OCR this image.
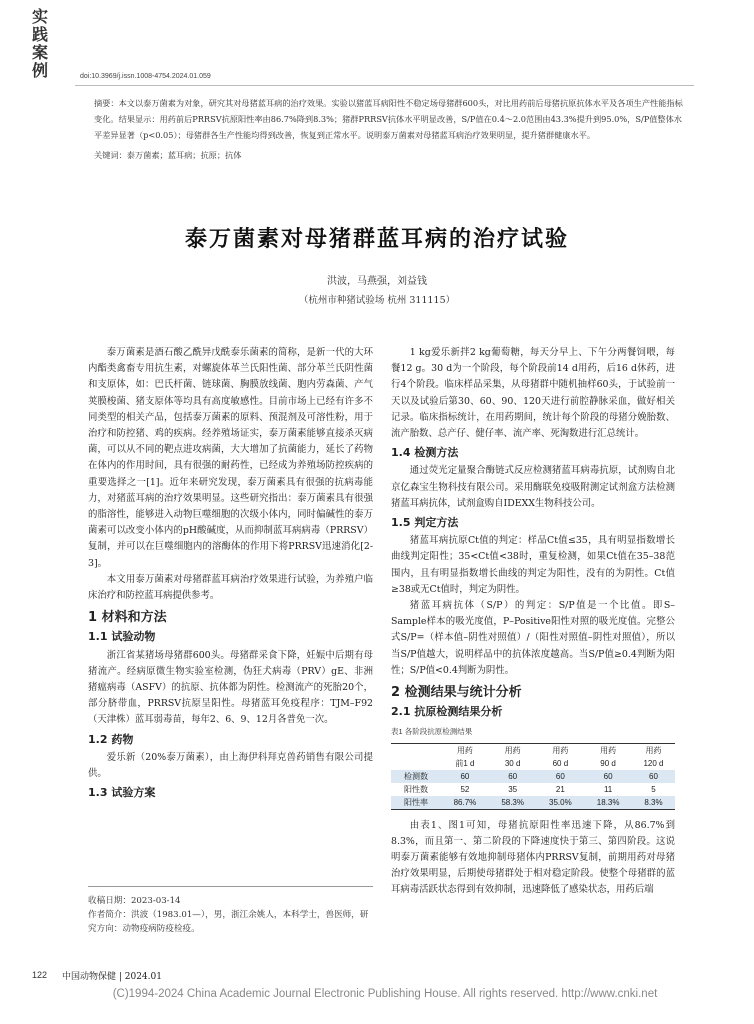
实践案例	doi:10.3969/j.issn.1008-4754.2024.01.059
摘要：本文以泰万菌素为对象，研究其对母猪蓝耳病的治疗效果。实验以猪蓝耳病阳性不稳定场母猪群600头，对比用药前后母猪抗原抗体水平及各项生产性能指标变化。结果显示：用药前后PRRSV抗原阳性率由86.7%降到8.3%；猪群PRRSV抗体水平明显改善，S/P值在0.4～2.0范围由43.3%提升到95.0%，S/P值整体水平差异显著（p<0.05）；母猪群各生产性能均得到改善，恢复到正常水平。说明泰万菌素对母猪蓝耳病治疗效果明显，提升猪群健康水平。
关键词：泰万菌素；蓝耳病；抗原；抗体
泰万菌素对母猪群蓝耳病的治疗试验
洪波，马燕强，刘益钱
（杭州市种猪试验场 杭州 311115）

泰万菌素是酒石酸乙酰异戊酰泰乐菌素的简称，是新一代的大环内酯类禽畜专用抗生素，对螺旋体革兰氏阳性菌、部分革兰氏阴性菌和支原体，如：巴氏杆菌、链球菌、胸膜放线菌、胞内劳森菌、产气荚膜梭菌、猪支原体等均具有高度敏感性。目前市场上已经有许多不同类型的相关产品，包括泰万菌素的原料、预混剂及可溶性粉，用于治疗和防控猪、鸡的疾病。经养殖场证实，泰万菌素能够直接杀灭病菌，可以从不同的靶点进攻病菌，大大增加了抗菌能力，延长了药物在体内的作用时间，具有很强的耐药性，已经成为养殖场防控疾病的重要选择之一[1]。近年来研究发现，泰万菌素具有很强的抗病毒能力，对猪蓝耳病的治疗效果明显。这些研究指出：泰万菌素具有很强的脂溶性，能够进入动物巨噬细胞的次级小体内，同时偏碱性的泰万菌素可以改变小体内的pH酸碱度，从而抑制蓝耳病病毒（PRRSV）复制，并可以在巨噬细胞内的溶酶体的作用下将PRRSV迅速消化[2-3]。

本文用泰万菌素对母猪群蓝耳病治疗效果进行试验，为养殖户临床治疗和防控蓝耳病提供参考。

1 材料和方法

1.1 试验动物

浙江省某猪场母猪群600头。母猪群采食下降，妊娠中后期有母猪流产。经病原微生物实验室检测，伪狂犬病毒（PRV）gE、非洲猪瘟病毒（ASFV）的抗原、抗体都为阴性。检测流产的死胎20个，部分脐带血，PRRSV抗原呈阳性。母猪蓝耳免疫程序：TJM–F92（天津株）蓝耳弱毒苗，每年2、6、9、12月各普免一次。

1.2 药物

爱乐新（20%泰万菌素），由上海伊科拜克兽药销售有限公司提供。

1.3 试验方案

收稿日期：2023-03-14
作者简介：洪波（1983.01—），男，浙江余姚人，本科学士，兽医师，研究方向：动物疫病防疫检疫。

1 kg爱乐新拌2 kg葡萄糖，每天分早上、下午分两餐饲喂，每餐12 g。30 d为一个阶段，每个阶段前14 d用药，后16 d休药，进行4个阶段。临床样品采集，从母猪群中随机抽样60头，于试验前一天以及试验后第30、60、90、120天进行前腔静脉采血，做好相关记录。临床指标统计，在用药期间，统计每个阶段的母猪分娩胎数、流产胎数、总产仔、健仔率、流产率、死淘数进行汇总统计。

1.4 检测方法

通过荧光定量聚合酶链式反应检测猪蓝耳病毒抗原，试剂购自北京亿森宝生物科技有限公司。采用酶联免疫吸附测定试剂盒方法检测猪蓝耳病抗体，试剂盒购自IDEXX生物科技公司。

1.5 判定方法

猪蓝耳病抗原Ct值的判定：样品Ct值≤35，具有明显指数增长曲线判定阳性；35<Ct值<38时，重复检测，如果Ct值在35–38范围内，且有明显指数增长曲线的判定为阳性，没有的为阴性。Ct值≥38或无Ct值时，判定为阴性。

猪蓝耳病抗体（S/P）的判定：S/P值是一个比值。即S–Sample样本的吸光度值，P–Positive阳性对照的吸光度值。完整公式S/P=（样本值–阴性对照值）/（阳性对照值–阴性对照值），所以当S/P值越大，说明样品中的抗体浓度越高。当S/P值≥0.4判断为阳性；S/P值<0.4判断为阴性。

2 检测结果与统计分析

2.1 抗原检测结果分析

表1 各阶段抗原检测结果
	用药	用药	用药	用药	用药
	前1 d	30 d	60 d	90 d	120 d
检测数	60	60	60	60	60
阳性数	52	35	21	11	5
阳性率	86.7%	58.3%	35.0%	18.3%	8.3%

由表1、图1可知，母猪抗原阳性率迅速下降，从86.7%到8.3%，而且第一、第二阶段的下降速度快于第三、第四阶段。这说明泰万菌素能够有效地抑制母猪体内PRRSV复制，前期用药对母猪治疗效果明显，后期使母猪群处于相对稳定阶段。使整个母猪群的蓝耳病毒活跃状态得到有效抑制，迅速降低了感染状态，用药后端

122 中国动物保健 | 2024.01
(C)1994-2024 China Academic Journal Electronic Publishing House. All rights reserved. http://www.cnki.net
